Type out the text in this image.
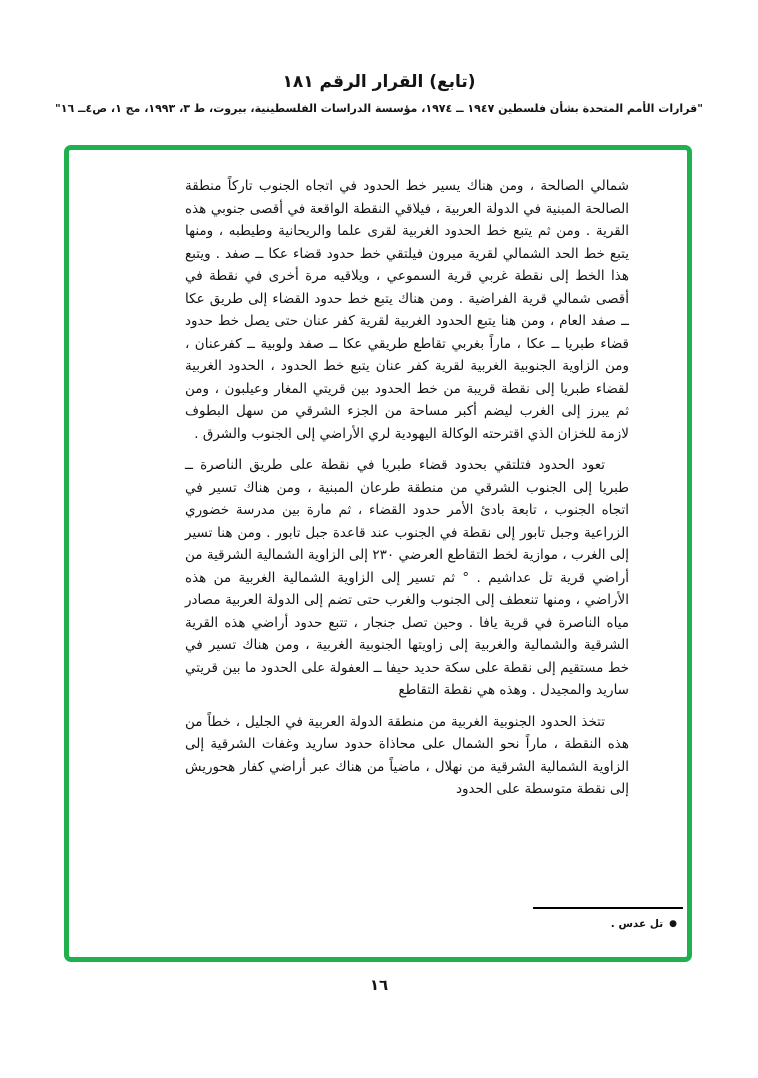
(تابع) القرار الرقم ١٨١
"قرارات الأمم المتحدة بشأن فلسطين ١٩٤٧ ــ ١٩٧٤، مؤسسة الدراسات الفلسطينية، بيروت، ط ٣، ١٩٩٣، مج ١، ص٤ــ ١٦"

شمالي الصالحة ، ومن هناك يسير خط الحدود في اتجاه الجنوب تاركاً منطقة الصالحة المبنية في الدولة العربية ، فيلاقي النقطة الواقعة في أقصى جنوبي هذه القرية . ومن ثم يتبع خط الحدود الغربية لقرى علما والريحانية وطيطبه ، ومنها يتبع خط الحد الشمالي لقرية ميرون فيلتقي خط حدود قضاء عكا ــ صفد . ويتبع هذا الخط إلى نقطة غربي قرية السموعي ، ويلاقيه مرة أخرى في نقطة في أقصى شمالي قرية الفراضية . ومن هناك يتبع خط حدود القضاء إلى طريق عكا ــ صفد العام ، ومن هنا يتبع الحدود الغربية لقرية كفر عنان حتى يصل خط حدود قضاء طبريا ــ عكا ، ماراً بغربي تقاطع طريقي عكا ــ صفد ولوبية ــ كفرعنان ، ومن الزاوية الجنوبية الغربية لقرية كفر عنان يتبع خط الحدود ، الحدود الغربية لقضاء طبريا إلى نقطة قريبة من خط الحدود بين قريتي المغار وعيلبون ، ومن ثم يبرز إلى الغرب ليضم أكبر مساحة من الجزء الشرقي من سهل البطوف لازمة للخزان الذي اقترحته الوكالة اليهودية لري الأراضي إلى الجنوب والشرق .

تعود الحدود فتلتقي بحدود قضاء طبريا في نقطة على طريق الناصرة ــ طبريا إلى الجنوب الشرقي من منطقة طرعان المبنية ، ومن هناك تسير في اتجاه الجنوب ، تابعة بادئ الأمر حدود القضاء ، ثم مارة بين مدرسة خضوري الزراعية وجبل تابور إلى نقطة في الجنوب عند قاعدة جبل تابور . ومن هنا تسير إلى الغرب ، موازية لخط التقاطع العرضي ٢٣٠ إلى الزاوية الشمالية الشرقية من أراضي قرية تل عداشيم . ° ثم تسير إلى الزاوية الشمالية الغربية من هذه الأراضي ، ومنها تنعطف إلى الجنوب والغرب حتى تضم إلى الدولة العربية مصادر مياه الناصرة في قرية يافا . وحين تصل جنجار ، تتبع حدود أراضي هذه القرية الشرقية والشمالية والغربية إلى زاويتها الجنوبية الغربية ، ومن هناك تسير في خط مستقيم إلى نقطة على سكة حديد حيفا ــ العفولة على الحدود ما بين قريتي ساريد والمجيدل . وهذه هي نقطة التقاطع

تتخذ الحدود الجنوبية الغربية من منطقة الدولة العربية في الجليل ، خطاً من هذه النقطة ، ماراً نحو الشمال على محاذاة حدود ساريد وغفات الشرقية إلى الزاوية الشمالية الشرقية من نهلال ، ماضياً من هناك عبر أراضي كفار هحوريش إلى نقطة متوسطة على الحدود

●تل عدس .
١٦
